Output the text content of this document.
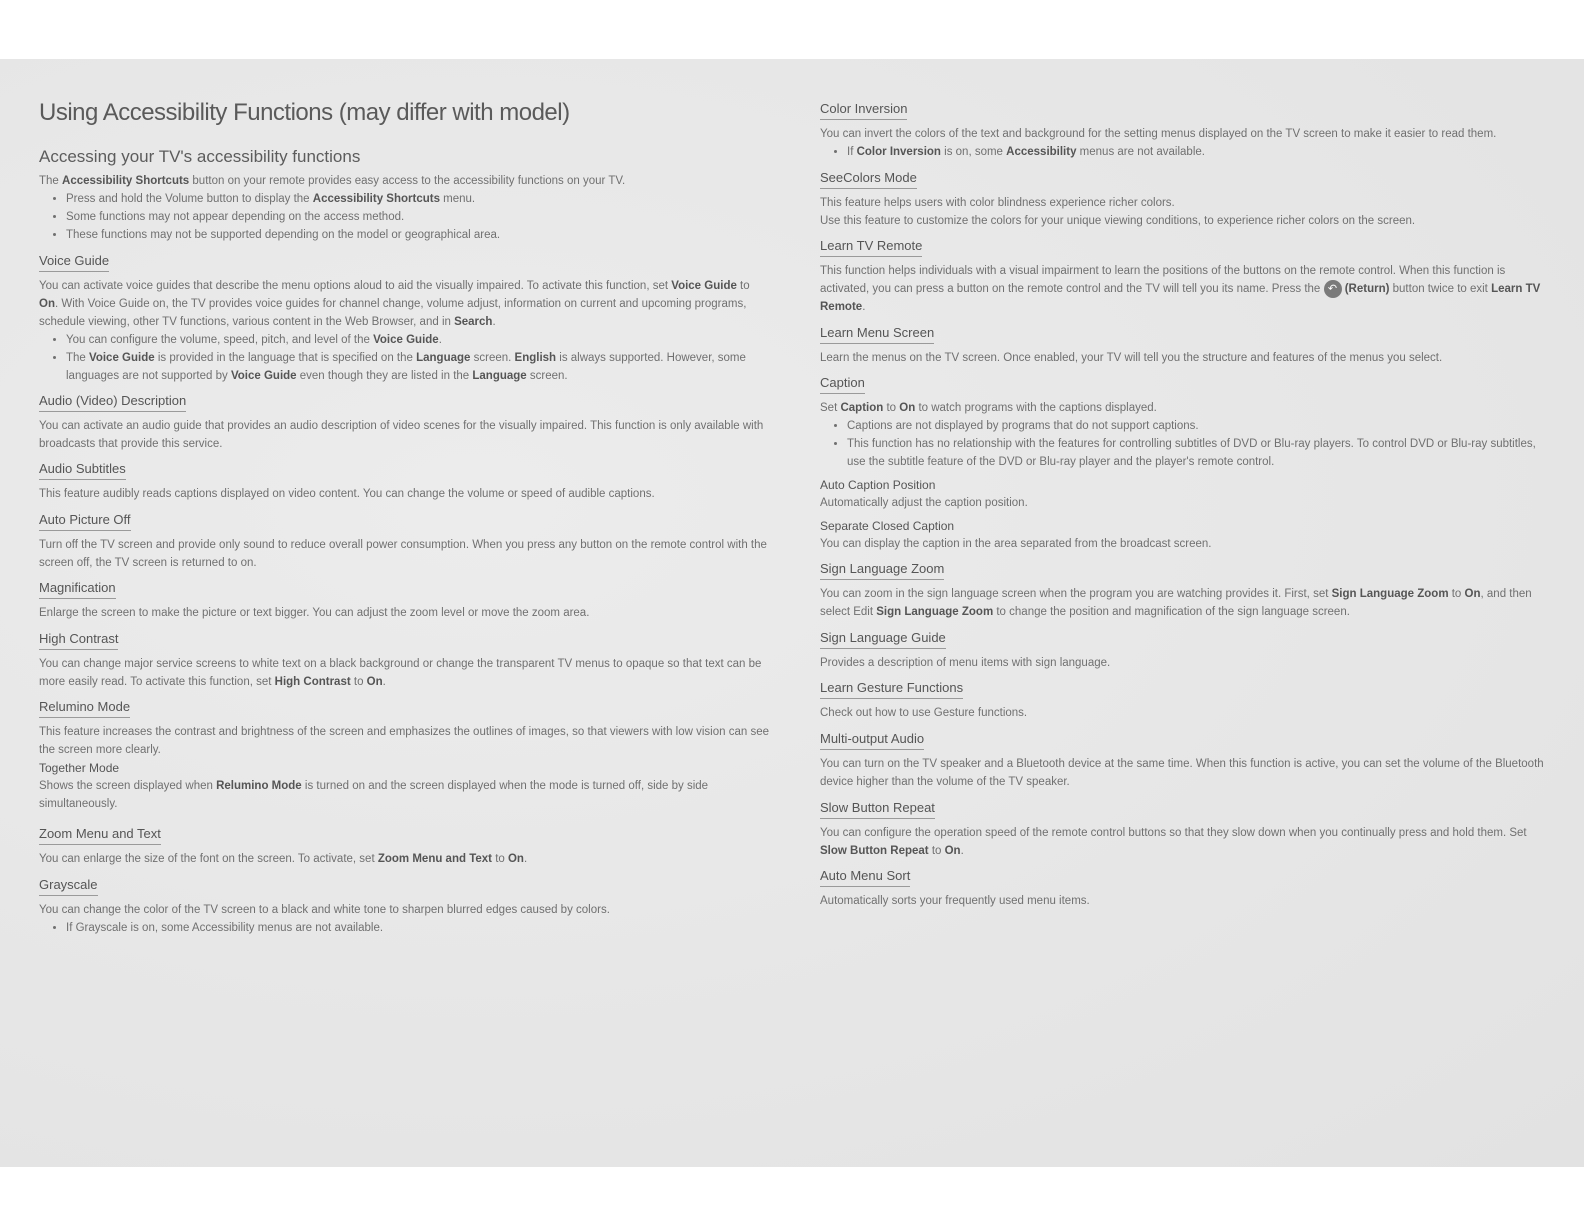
Using Accessibility Functions (may differ with model)
Accessing your TV's accessibility functions

The Accessibility Shortcuts button on your remote provides easy access to the accessibility functions on your TV.

• Press and hold the Volume button to display the Accessibility Shortcuts menu.
• Some functions may not appear depending on the access method.
• These functions may not be supported depending on the model or geographical area.
Voice Guide

You can activate voice guides that describe the menu options aloud to aid the visually impaired. To activate this function, set Voice Guide to On. With Voice Guide on, the TV provides voice guides for channel change, volume adjust, information on current and upcoming programs, schedule viewing, other TV functions, various content in the Web Browser, and in Search.

• You can configure the volume, speed, pitch, and level of the Voice Guide.
• The Voice Guide is provided in the language that is specified on the Language screen. English is always supported. However, some languages are not supported by Voice Guide even though they are listed in the Language screen.
Audio (Video) Description

You can activate an audio guide that provides an audio description of video scenes for the visually impaired. This function is only available with broadcasts that provide this service.

Audio Subtitles

This feature audibly reads captions displayed on video content. You can change the volume or speed of audible captions.

Auto Picture Off

Turn off the TV screen and provide only sound to reduce overall power consumption. When you press any button on the remote control with the screen off, the TV screen is returned to on.

Magnification

Enlarge the screen to make the picture or text bigger. You can adjust the zoom level or move the zoom area.

High Contrast

You can change major service screens to white text on a black background or change the transparent TV menus to opaque so that text can be more easily read. To activate this function, set High Contrast to On.

Relumino Mode

This feature increases the contrast and brightness of the screen and emphasizes the outlines of images, so that viewers with low vision can see the screen more clearly.

Together Mode

Shows the screen displayed when Relumino Mode is turned on and the screen displayed when the mode is turned off, side by side simultaneously.

Zoom Menu and Text

You can enlarge the size of the font on the screen. To activate, set Zoom Menu and Text to On.

Grayscale

You can change the color of the TV screen to a black and white tone to sharpen blurred edges caused by colors.

• If Grayscale is on, some Accessibility menus are not available.
Color Inversion

You can invert the colors of the text and background for the setting menus displayed on the TV screen to make it easier to read them.

• If Color Inversion is on, some Accessibility menus are not available.
SeeColors Mode

This feature helps users with color blindness experience richer colors.

Use this feature to customize the colors for your unique viewing conditions, to experience richer colors on the screen.

Learn TV Remote

This function helps individuals with a visual impairment to learn the positions of the buttons on the remote control. When this function is activated, you can press a button on the remote control and the TV will tell you its name. Press the ↶ (Return) button twice to exit Learn TV Remote.

Learn Menu Screen

Learn the menus on the TV screen. Once enabled, your TV will tell you the structure and features of the menus you select.

Caption

Set Caption to On to watch programs with the captions displayed.

• Captions are not displayed by programs that do not support captions.
• This function has no relationship with the features for controlling subtitles of DVD or Blu-ray players. To control DVD or Blu-ray subtitles, use the subtitle feature of the DVD or Blu-ray player and the player's remote control.
Auto Caption Position

Automatically adjust the caption position.

Separate Closed Caption

You can display the caption in the area separated from the broadcast screen.

Sign Language Zoom

You can zoom in the sign language screen when the program you are watching provides it. First, set Sign Language Zoom to On, and then select Edit Sign Language Zoom to change the position and magnification of the sign language screen.

Sign Language Guide

Provides a description of menu items with sign language.

Learn Gesture Functions

Check out how to use Gesture functions.

Multi-output Audio

You can turn on the TV speaker and a Bluetooth device at the same time. When this function is active, you can set the volume of the Bluetooth device higher than the volume of the TV speaker.

Slow Button Repeat

You can configure the operation speed of the remote control buttons so that they slow down when you continually press and hold them. Set Slow Button Repeat to On.

Auto Menu Sort

Automatically sorts your frequently used menu items.
